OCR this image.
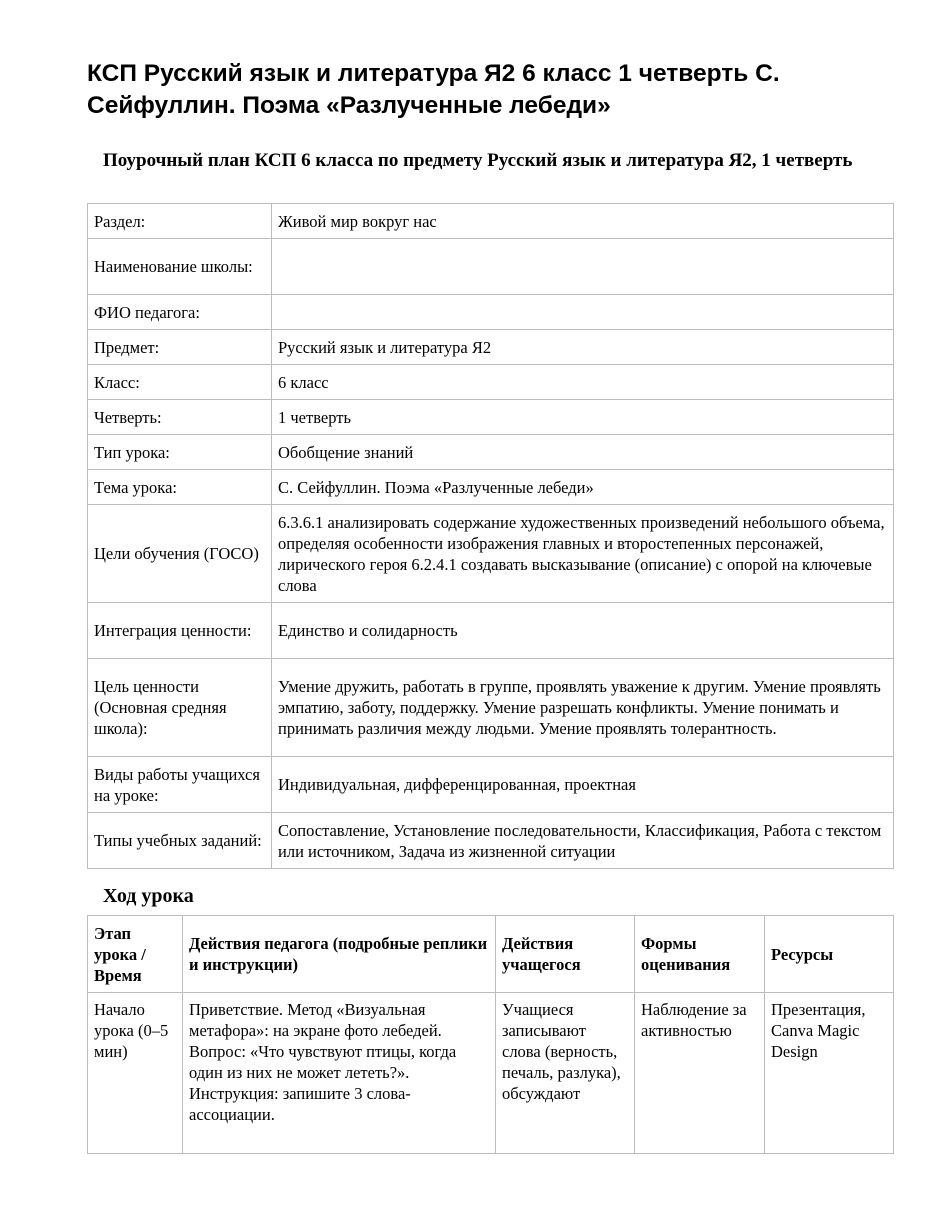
КСП Русский язык и литература Я2 6 класс 1 четверть С. Сейфуллин. Поэма «Разлученные лебеди»
Поурочный план КСП 6 класса по предмету Русский язык и литература Я2, 1 четверть
Раздел:	Живой мир вокруг нас
Наименование школы:	
ФИО педагога:	
Предмет:	Русский язык и литература Я2
Класс:	6 класс
Четверть:	1 четверть
Тип урока:	Обобщение знаний
Тема урока:	С. Сейфуллин. Поэма «Разлученные лебеди»
Цели обучения (ГОСО)	6.3.6.1 анализировать содержание художественных произведений небольшого объема, определяя особенности изображения главных и второстепенных персонажей, лирического героя 6.2.4.1 создавать высказывание (описание) с опорой на ключевые слова
Интеграция ценности:	Единство и солидарность
Цель ценности (Основная средняя школа):	Умение дружить, работать в группе, проявлять уважение к другим. Умение проявлять эмпатию, заботу, поддержку. Умение разрешать конфликты. Умение понимать и принимать различия между людьми. Умение проявлять толерантность.
Виды работы учащихся на уроке:	Индивидуальная, дифференцированная, проектная
Типы учебных заданий:	Сопоставление, Установление последовательности, Классификация, Работа с текстом или источником, Задача из жизненной ситуации
Ход урока
Этап урока / Время	Действия педагога (подробные реплики и инструкции)	Действия учащегося	Формы оценивания	Ресурсы
Начало урока (0–5 мин)	Приветствие. Метод «Визуальная метафора»: на экране фото лебедей. Вопрос: «Что чувствуют птицы, когда один из них не может лететь?». Инструкция: запишите 3 слова-ассоциации.	Учащиеся записывают слова (верность, печаль, разлука), обсуждают	Наблюдение за активностью	Презентация, Canva Magic Design
